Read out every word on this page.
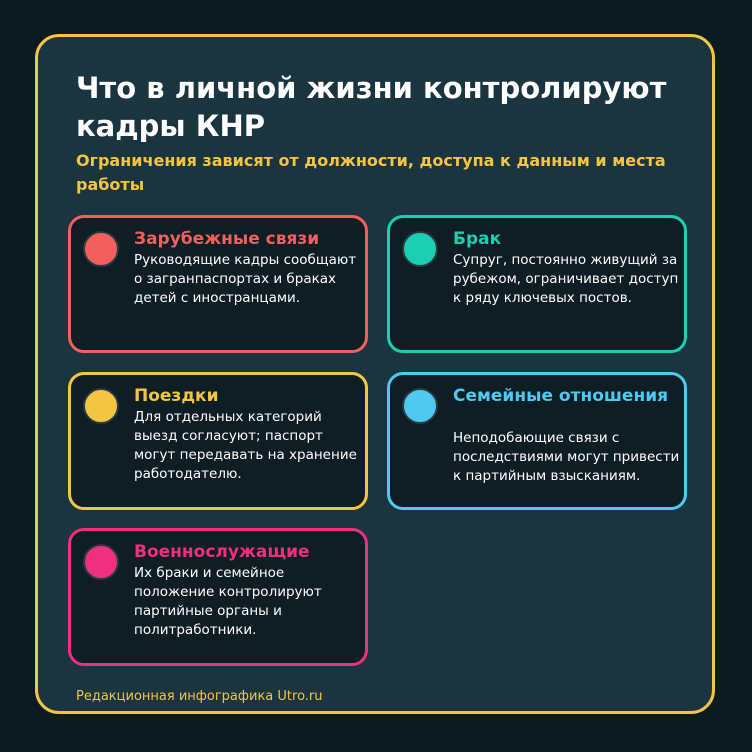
Что в личной жизни контролируют кадры КНР

Ограничения зависят от должности, доступа к данным и места работы

Зарубежные связи

Руководящие кадры сообщают о загранпаспортах и браках детей с иностранцами.

Брак

Супруг, постоянно живущий за рубежом, ограничивает доступ к ряду ключевых постов.

Поездки

Для отдельных категорий выезд согласуют; паспорт могут передавать на хранение работодателю.

Семейные отношения

Неподобающие связи с последствиями могут привести к партийным взысканиям.

Военнослужащие

Их браки и семейное положение контролируют партийные органы и политработники.

Редакционная инфографика Utro.ru
